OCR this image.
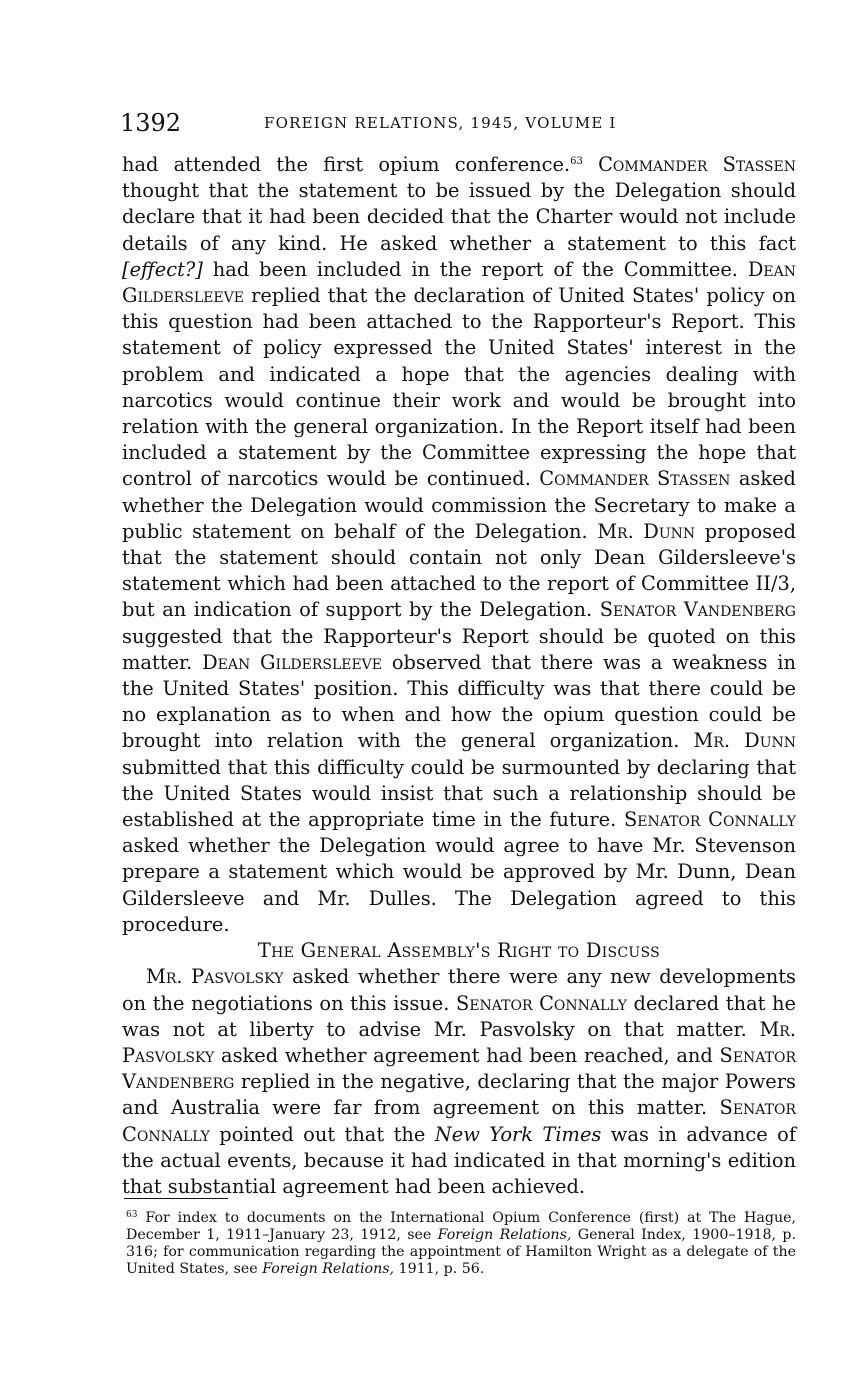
1392	FOREIGN RELATIONS, 1945, VOLUME I

had attended the first opium conference.$^{63}$ Commander Stassen thought that the statement to be issued by the Delegation should declare that it had been decided that the Charter would not include details of any kind. He asked whether a statement to this fact [effect?] had been included in the report of the Committee. Dean Gildersleeve replied that the declaration of United States' policy on this question had been attached to the Rapporteur's Report. This statement of policy expressed the United States' interest in the problem and indicated a hope that the agencies dealing with narcotics would continue their work and would be brought into relation with the general organization. In the Report itself had been included a statement by the Committee expressing the hope that control of narcotics would be continued. Commander Stassen asked whether the Delegation would commission the Secretary to make a public statement on behalf of the Delegation. Mr. Dunn proposed that the statement should contain not only Dean Gildersleeve's statement which had been attached to the report of Committee II/3, but an indication of support by the Delegation. Senator Vandenberg suggested that the Rapporteur's Report should be quoted on this matter. Dean Gildersleeve observed that there was a weakness in the United States' position. This difficulty was that there could be no explanation as to when and how the opium question could be brought into relation with the general organization. Mr. Dunn submitted that this difficulty could be surmounted by declaring that the United States would insist that such a relationship should be established at the appropriate time in the future. Senator Connally asked whether the Delegation would agree to have Mr. Stevenson prepare a statement which would be approved by Mr. Dunn, Dean Gildersleeve and Mr. Dulles. The Delegation agreed to this procedure.

The General Assembly's Right to Discuss

Mr. Pasvolsky asked whether there were any new developments on the negotiations on this issue. Senator Connally declared that he was not at liberty to advise Mr. Pasvolsky on that matter. Mr. Pasvolsky asked whether agreement had been reached, and Senator Vandenberg replied in the negative, declaring that the major Powers and Australia were far from agreement on this matter. Senator Connally pointed out that the New York Times was in advance of the actual events, because it had indicated in that morning's edition that substantial agreement had been achieved.

$^{63}$ For index to documents on the International Opium Conference (first) at The Hague, December 1, 1911–January 23, 1912, see Foreign Relations, General Index, 1900–1918, p. 316; for communication regarding the appointment of Hamilton Wright as a delegate of the United States, see Foreign Relations, 1911, p. 56.
